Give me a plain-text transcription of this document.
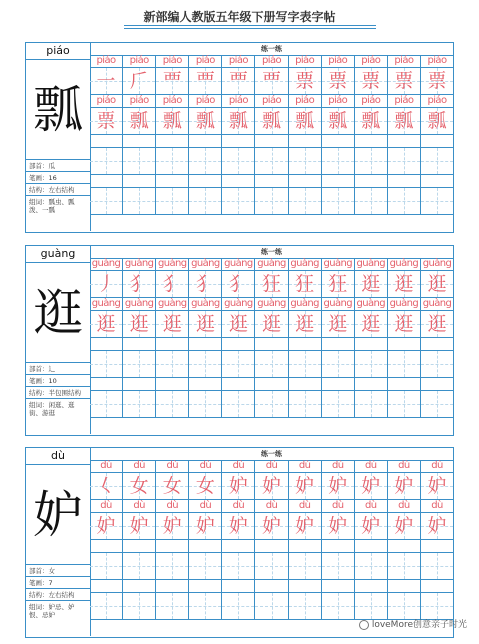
新部编人教版五年级下册写字表字帖
piáo
瓢
部首：瓜
笔画：16
结构：左右结构
组词：瓢虫、瓢泼、一瓢
练一练
piáo	piáo	piáo	piáo	piáo	piáo	piáo	piáo	piáo	piáo	piáo
一 𠂆 覀 覀 覀 覀 票 票 票 票 票
piáo	piáo	piáo	piáo	piáo	piáo	piáo	piáo	piáo	piáo	piáo
票 瓢 瓢 瓢 瓢 瓢 瓢 瓢 瓢 瓢 瓢
guàng
逛
部首：辶
笔画：10
结构：半包围结构
组词：闲逛、逛街、游逛
练一练
guàng guàng guàng guàng guàng guàng guàng guàng guàng guàng guàng
丿 犭 犭 犭 犭 狂 狂 狂 逛 逛 逛
guàng guàng guàng guàng guàng guàng guàng guàng guàng guàng guàng
逛 逛 逛 逛 逛 逛 逛 逛 逛 逛 逛
dù
妒
部首：女
笔画：7
结构：左右结构
组词：妒忌、妒恨、忌妒
练一练
dù	dù	dù	dù	dù	dù	dù	dù	dù	dù	dù
𡿨 女 女 女 妒 妒 妒 妒 妒 妒 妒
dù	dù	dù	dù	dù	dù	dù	dù	dù	dù	dù
妒 妒 妒 妒 妒 妒 妒 妒 妒 妒 妒
loveMore创意亲子时光
